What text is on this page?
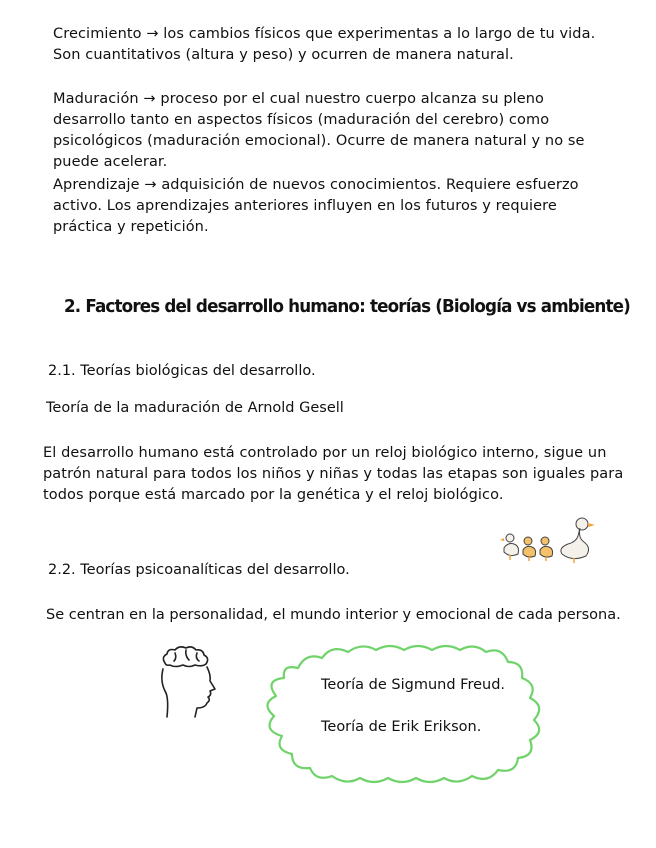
Crecimiento → los cambios físicos que experimentas a lo largo de tu vida. Son cuantitativos (altura y peso) y ocurren de manera natural.
Maduración → proceso por el cual nuestro cuerpo alcanza su pleno desarrollo tanto en aspectos físicos (maduración del cerebro) como psicológicos (maduración emocional). Ocurre de manera natural y no se puede acelerar.
Aprendizaje → adquisición de nuevos conocimientos. Requiere esfuerzo activo. Los aprendizajes anteriores influyen en los futuros y requiere práctica y repetición.
2. Factores del desarrollo humano: teorías (Biología vs ambiente)
2.1. Teorías biológicas del desarrollo.
Teoría de la maduración de Arnold Gesell
El desarrollo humano está controlado por un reloj biológico interno, sigue un patrón natural para todos los niños y niñas y todas las etapas son iguales para todos porque está marcado por la genética y el reloj biológico.
2.2. Teorías psicoanalíticas del desarrollo.
Se centran en la personalidad, el mundo interior y emocional de cada persona.
Teoría de Sigmund Freud.
Teoría de Erik Erikson.
